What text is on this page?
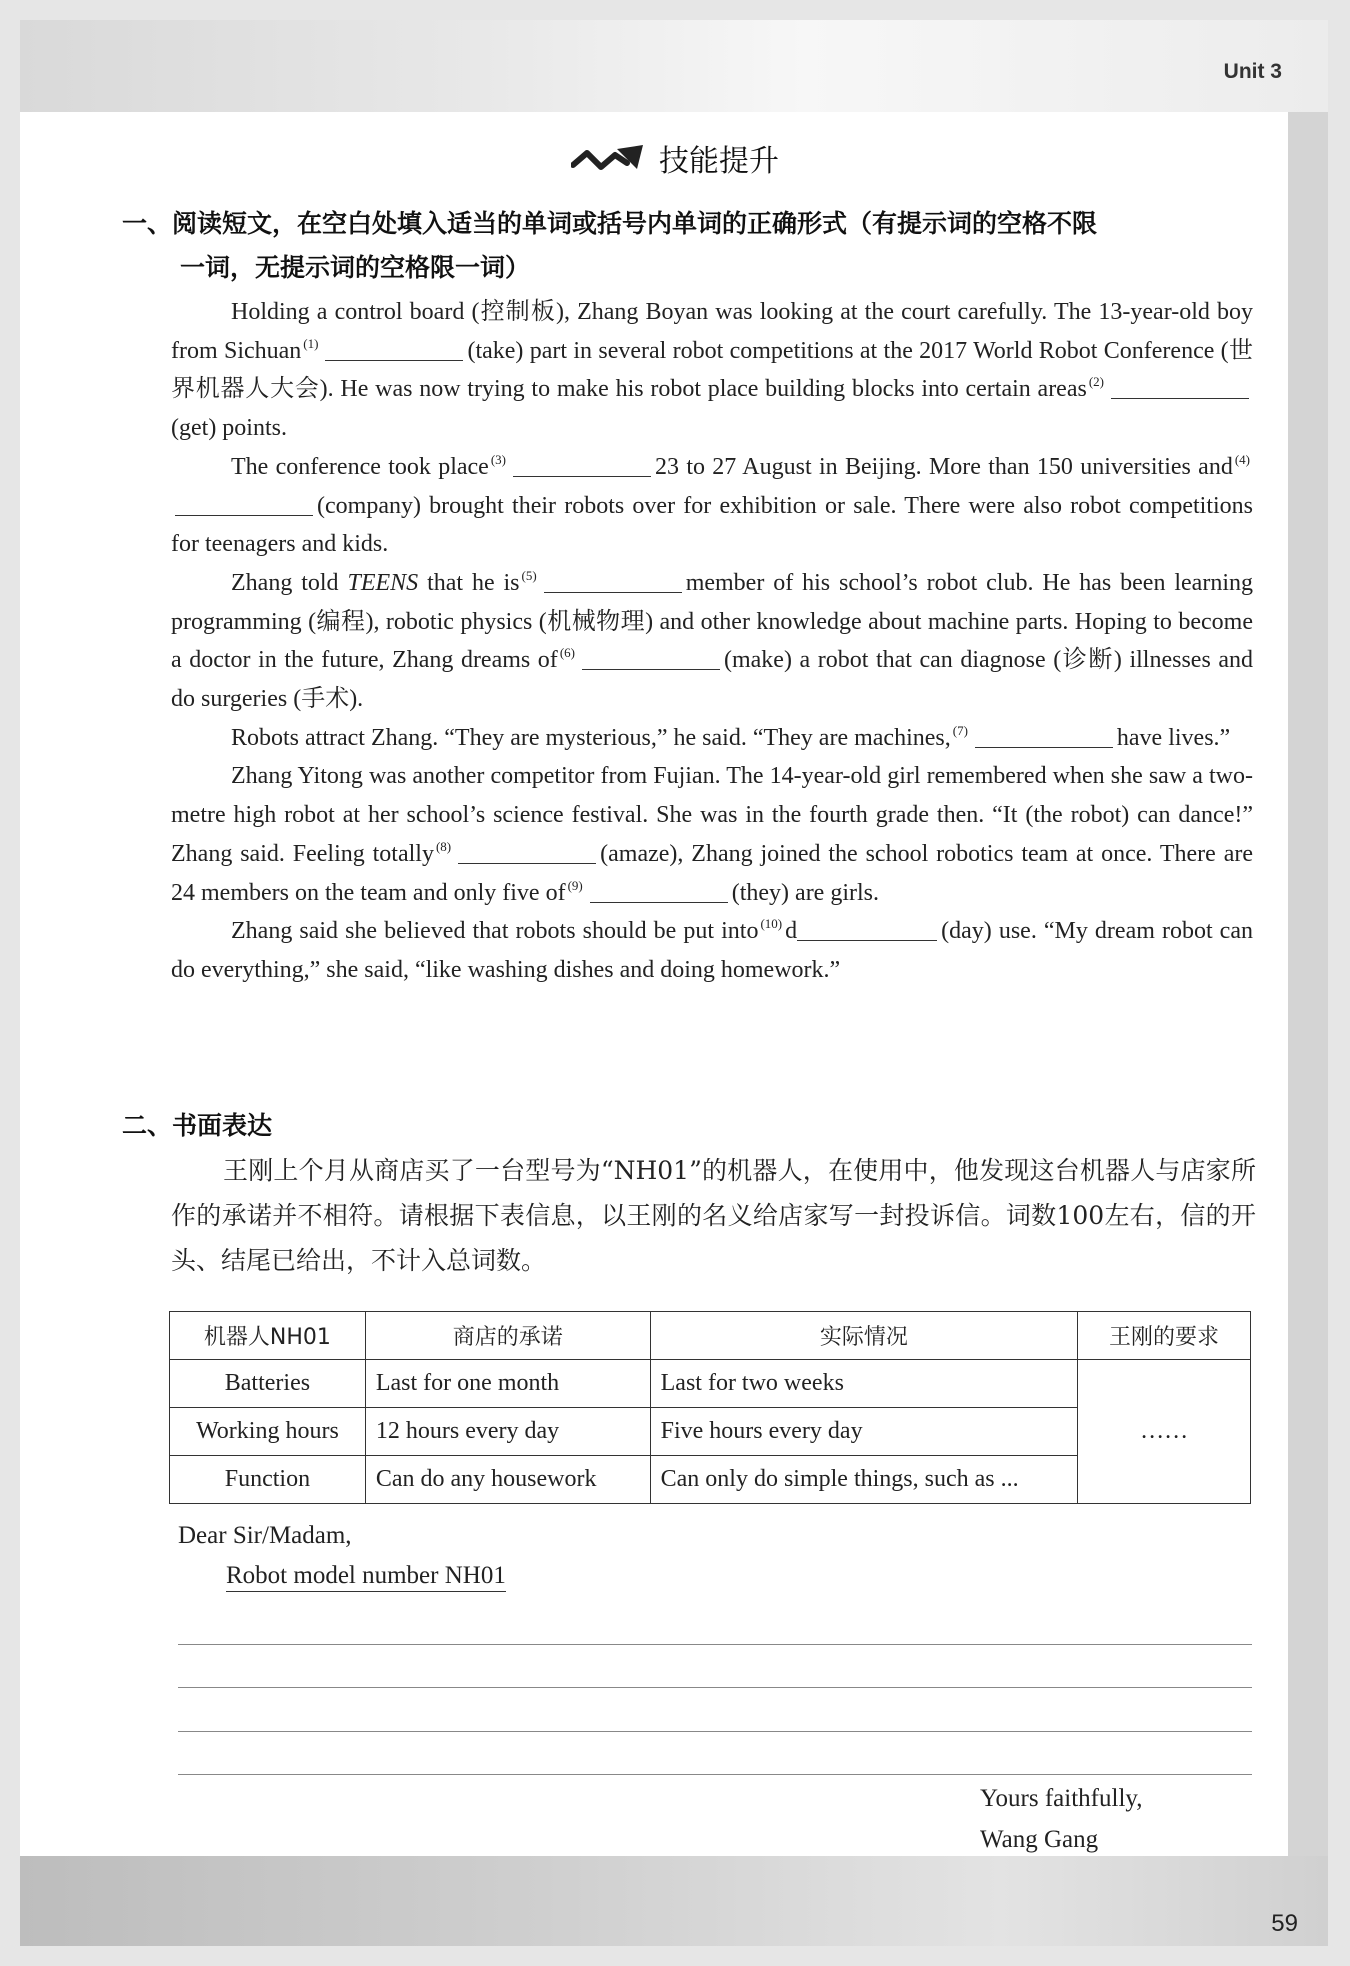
Unit 3
59
技能提升
一、阅读短文，在空白处填入适当的单词或括号内单词的正确形式（有提示词的空格不限
一词，无提示词的空格限一词）

Holding a control board (控制板), Zhang Boyan was looking at the court carefully. The 13-year-old boy from Sichuan $^{(1)}$	(take) part in several robot competitions at the 2017 World Robot Conference (世界机器人大会). He was now trying to make his robot place building blocks into certain areas $^{(2)}$(get) points.

The conference took place $^{(3)}$	23 to 27 August in Beijing. More than 150 universities and $^{(4)}$(company) brought their robots over for exhibition or sale. There were also robot competitions for teenagers and kids.

Zhang told TEENS that he is $^{(5)}$	member of his school’s robot club. He has been learning programming (编程), robotic physics (机械物理) and other knowledge about machine parts. Hoping to become a doctor in the future, Zhang dreams of $^{(6)}$	(make) a robot that can diagnose (诊断) illnesses and do surgeries (手术).

Robots attract Zhang. “They are mysterious,” he said. “They are machines, $^{(7)}$	have lives.”

Zhang Yitong was another competitor from Fujian. The 14-year-old girl remembered when she saw a two-metre high robot at her school’s science festival. She was in the fourth grade then. “It (the robot) can dance!” Zhang said. Feeling totally $^{(8)}$	(amaze), Zhang joined the school robotics team at once. There are 24 members on the team and only five of $^{(9)}$	(they) are girls.

Zhang said she believed that robots should be put into $^{(10)}$ d	(day) use. “My dream robot can do everything,” she said, “like washing dishes and doing homework.”

二、书面表达

王刚上个月从商店买了一台型号为“NH01”的机器人，在使用中，他发现这台机器人与店家所作的承诺并不相符。请根据下表信息，以王刚的名义给店家写一封投诉信。词数100左右，信的开头、结尾已给出，不计入总词数。

机器人NH01	商店的承诺	实际情况	王刚的要求
Batteries	Last for one month	Last for two weeks	……
Working hours	12 hours every day	Five hours every day	
Function	Can do any housework	Can only do simple things, such as ...	
Dear Sir/Madam,
Robot model number NH01
Yours faithfully,
Wang Gang
